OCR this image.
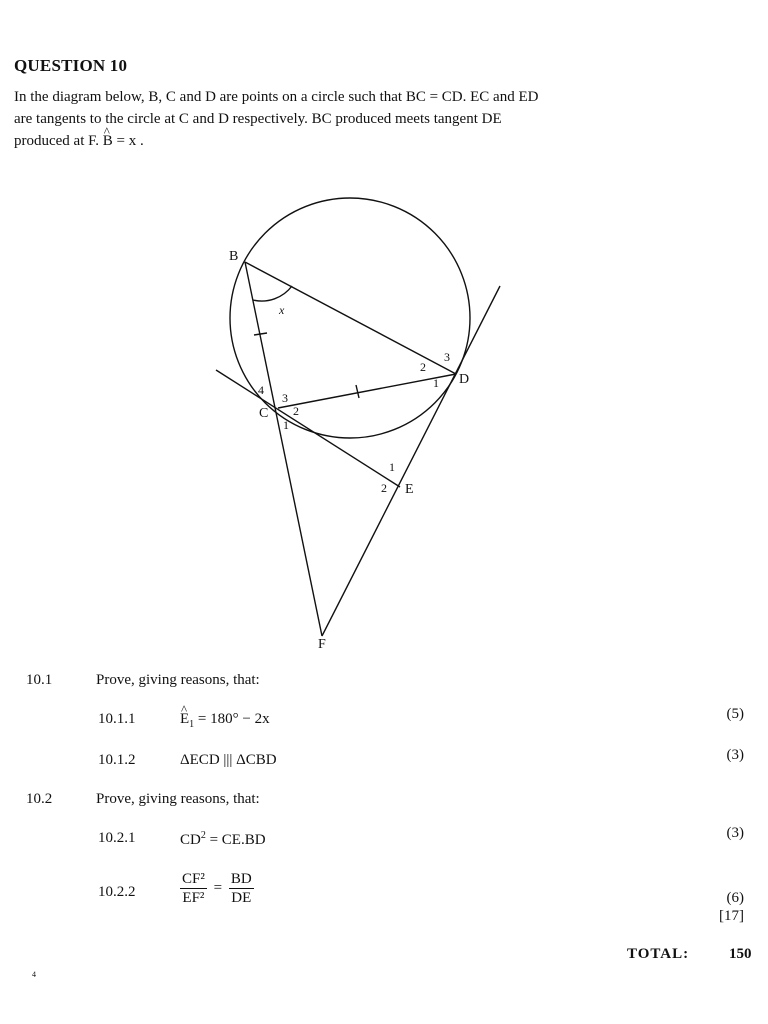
QUESTION 10
In the diagram below, B, C and D are points on a circle such that BC = CD. EC and ED
are tangents to the circle at C and D respectively. BC produced meets tangent DE
produced at F. ^ B = x .
B
C
D
E
F
x
4
3
2
1
2
3
1
1
2
10.1	Prove, giving reasons, that:
10.1.1
^	$E_1 = 180^\circ - 2x$	(5)
10.1.2	ΔECD ||| ΔCBD	(3)
10.2	Prove, giving reasons, that:
10.2.1	$CD^2 = CE.BD$	(3)
10.2.2	$\frac{\text{CF²}}{\text{EF²}} = \frac{BD}{DE}$	(6)
[17]
TOTAL:	150
4
